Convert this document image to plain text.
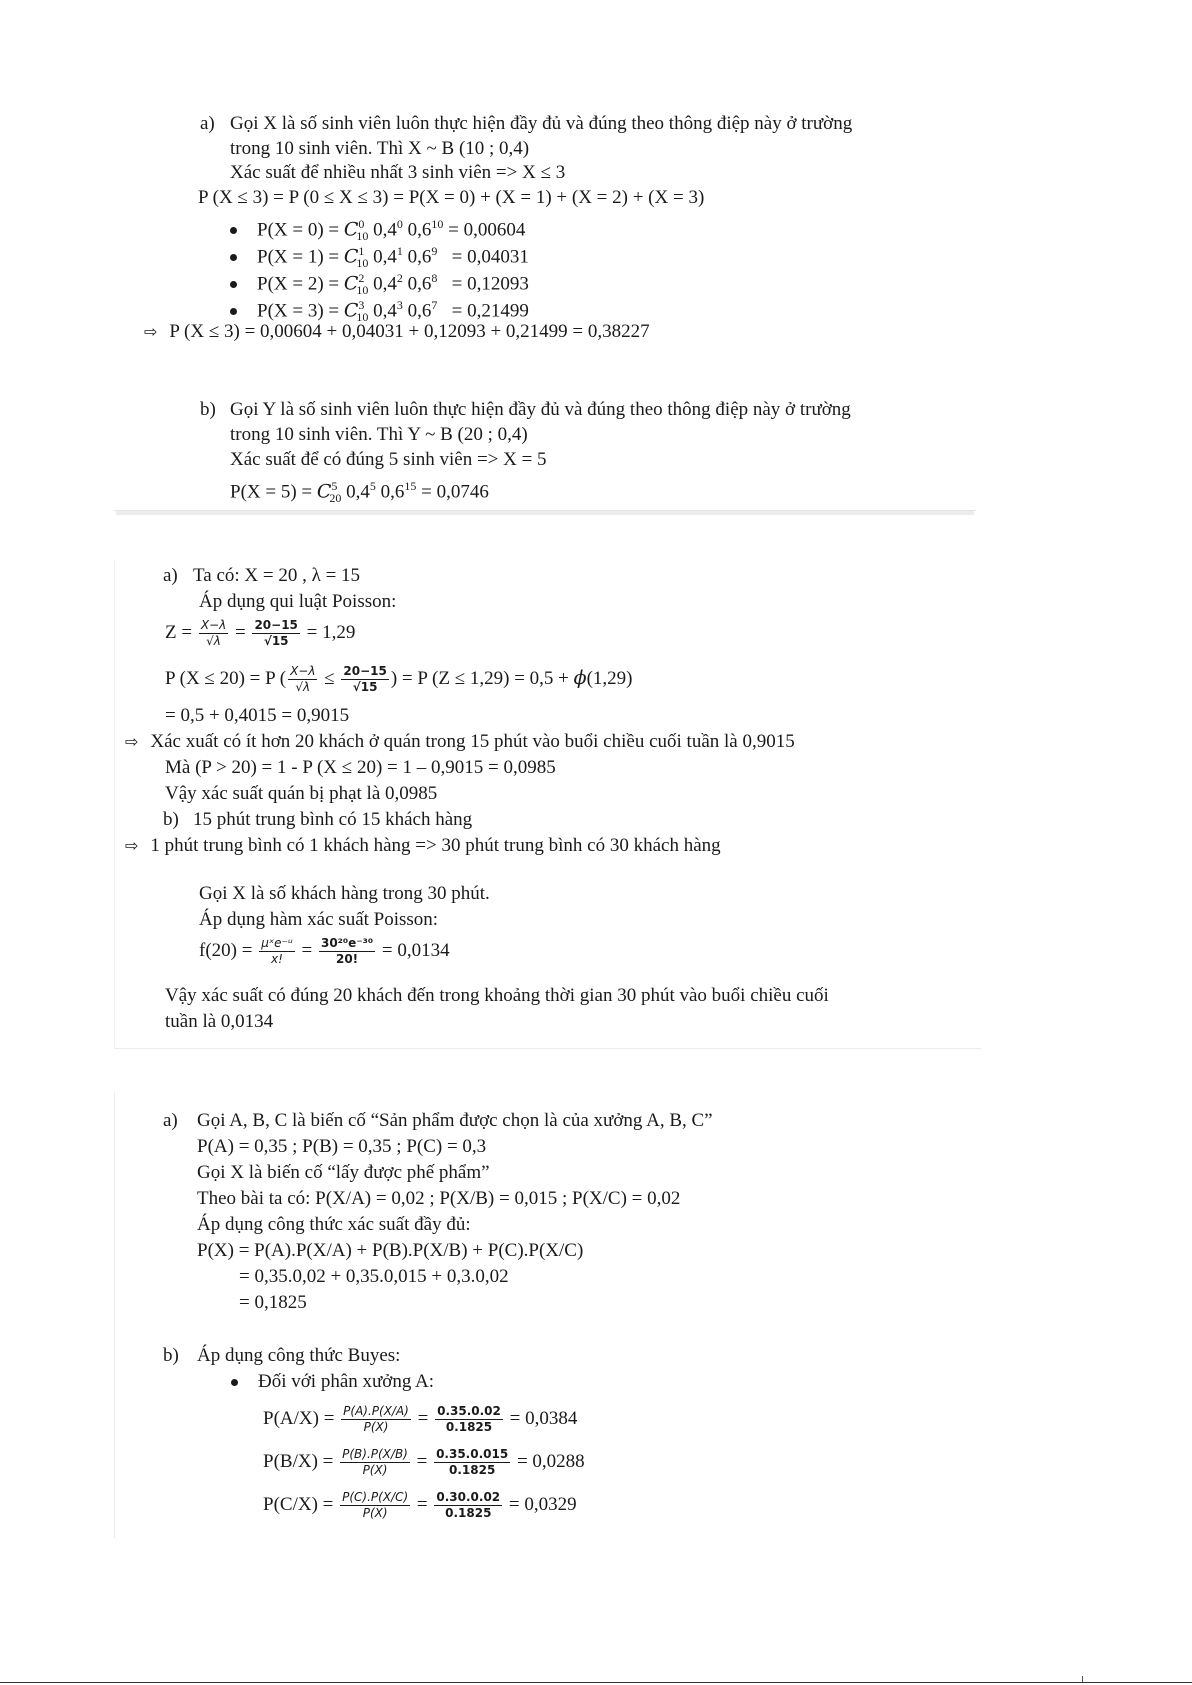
a) Gọi X là số sinh viên luôn thực hiện đầy đủ và đúng theo thông điệp này ở trường
trong 10 sinh viên. Thì X ~ B (10 ; 0,4)
Xác suất để nhiều nhất 3 sinh viên => X ≤ 3
P (X ≤ 3) = P (0 ≤ X ≤ 3) = P(X = 0) + (X = 1) + (X = 2) + (X = 3)
$P(X = 0) = C^0_{10}$ $0,4^0$ $0,6^{10} = 0,00604$
$P(X = 1) = C^1_{10}$ $0,4^1$ $0,6^9 = 0,04031$
$P(X = 2) = C^2_{10}$ $0,4^2$ $0,6^8 = 0,12093$
$P(X = 3) = C^3_{10}$ $0,4^3$ $0,6^7 = 0,21499$
⇨ P (X ≤ 3) = 0,00604 + 0,04031 + 0,12093 + 0,21499 = 0,38227
b) Gọi Y là số sinh viên luôn thực hiện đầy đủ và đúng theo thông điệp này ở trường
trong 10 sinh viên. Thì Y ~ B (20 ; 0,4)
Xác suất để có đúng 5 sinh viên => X = 5
$P(X = 5) = C^5_{20}$ $0,4^5$ $0,6^{15} = 0,0746$
a) Ta có: X = 20 , λ = 15
Áp dụng qui luật Poisson:
$Z = \frac{X-\lambda}{√\lambda} = \frac{20-15}{√15} = 1,29$
P (X ≤ 20) = P ( $\frac{X-\lambda}{√\lambda} \le \frac{20-15}{√15}$ ) = P (Z ≤ 1,29) = 0,5 + ϕ(1,29)
= 0,5 + 0,4015 = 0,9015
⇨ Xác xuất có ít hơn 20 khách ở quán trong 15 phút vào buổi chiều cuối tuần là 0,9015
Mà (P > 20) = 1 - P (X ≤ 20) = 1 – 0,9015 = 0,0985
Vậy xác suất quán bị phạt là 0,0985
b) 15 phút trung bình có 15 khách hàng
⇨ 1 phút trung bình có 1 khách hàng => 30 phút trung bình có 30 khách hàng
Gọi X là số khách hàng trong 30 phút.
Áp dụng hàm xác suất Poisson:
$f(20) = \frac{\text{μˣe⁻ᵘ}}{x!} = \frac{\text{30²⁰e⁻³⁰}}{20!} = 0,0134$
Vậy xác suất có đúng 20 khách đến trong khoảng thời gian 30 phút vào buổi chiều cuối
tuần là 0,0134
a) Gọi A, B, C là biến cố “Sản phẩm được chọn là của xưởng A, B, C”
P(A) = 0,35 ; P(B) = 0,35 ; P(C) = 0,3
Gọi X là biến cố “lấy được phế phẩm”
Theo bài ta có: P(X/A) = 0,02 ; P(X/B) = 0,015 ; P(X/C) = 0,02
Áp dụng công thức xác suất đầy đủ:
P(X) = P(A).P(X/A) + P(B).P(X/B) + P(C).P(X/C)
= 0,35.0,02 + 0,35.0,015 + 0,3.0,02
= 0,1825
b) Áp dụng công thức Buyes:
Đối với phân xưởng A:
$P(A/X) = \frac{P(A).P(X/A)}{P(X)} = \frac{0.35.0.02}{0.1825} = 0,0384$
$P(B/X) = \frac{P(B).P(X/B)}{P(X)} = \frac{0.35.0.015}{0.1825} = 0,0288$
$P(C/X) = \frac{P(C).P(X/C)}{P(X)} = \frac{0.30.0.02}{0.1825} = 0,0329$
